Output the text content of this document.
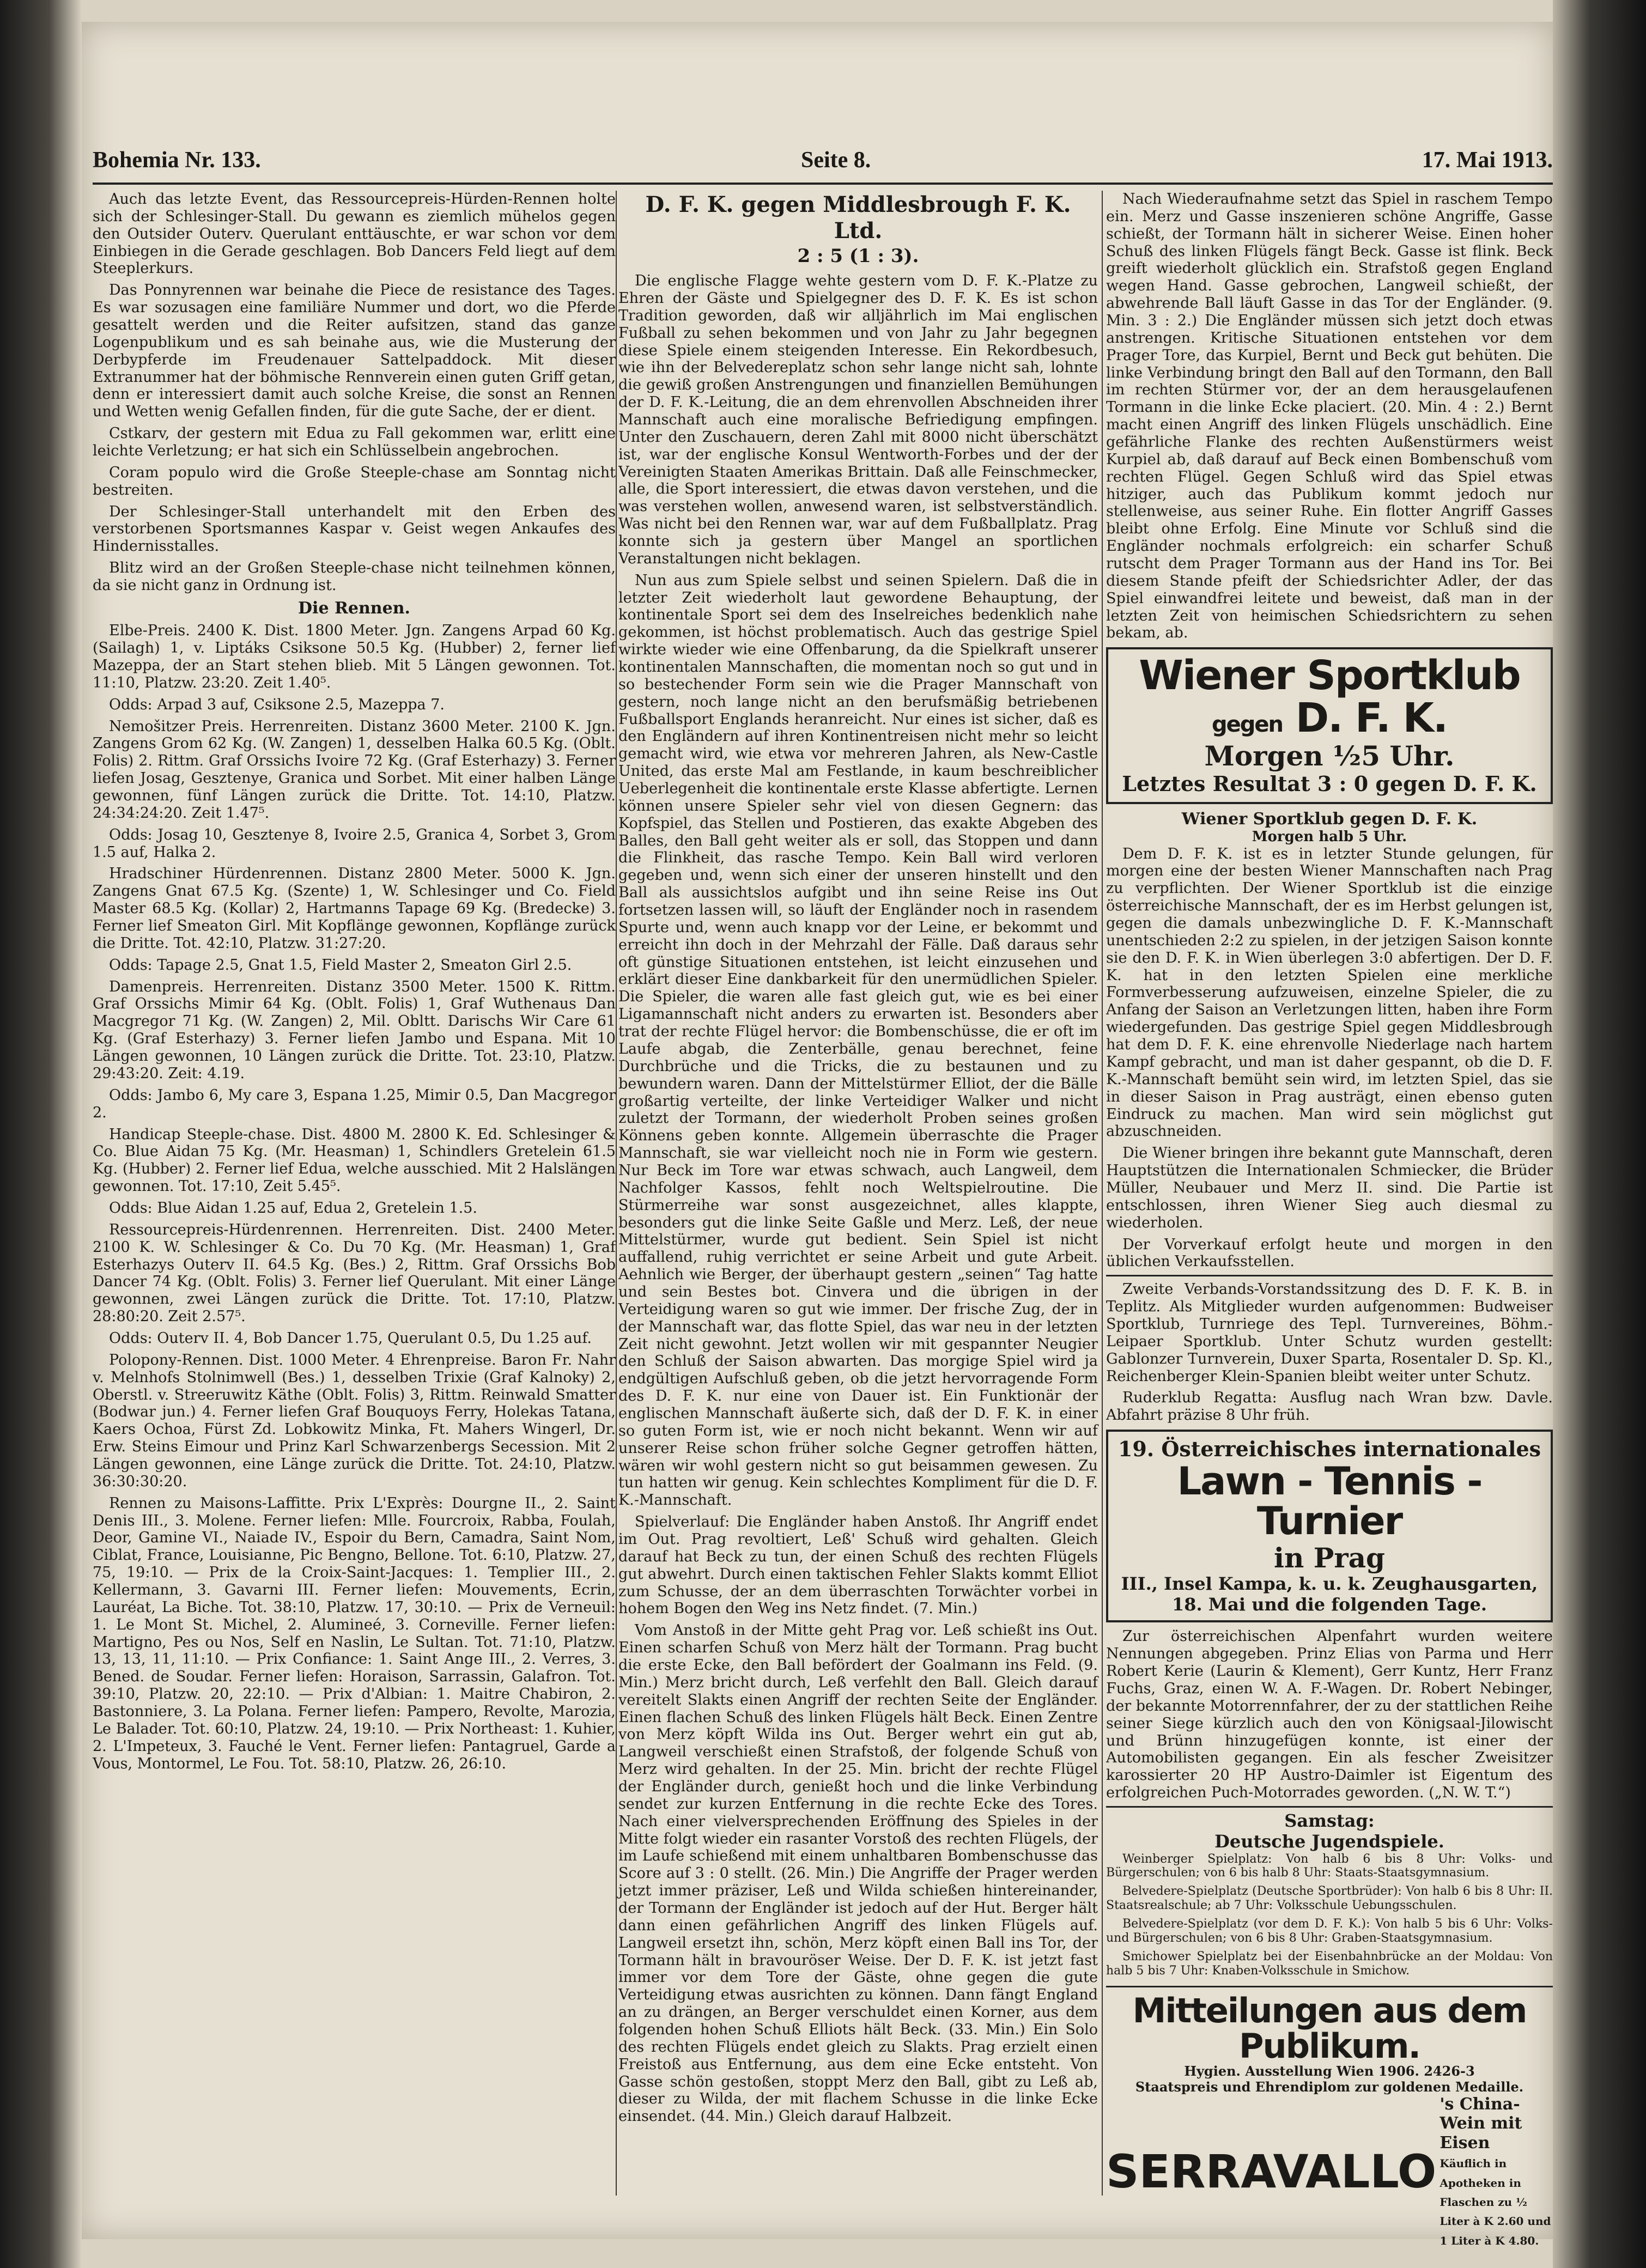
Bohemia Nr. 133.	Seite 8.	17. Mai 1913.

Auch das letzte Event, das Ressourcepreis-Hürden-Rennen holte sich der Schlesinger-Stall. Du gewann es ziemlich mühelos gegen den Outsider Outerv. Querulant enttäuschte, er war schon vor dem Einbiegen in die Gerade geschlagen. Bob Dancers Feld liegt auf dem Steeplerkurs.

Das Ponnyrennen war beinahe die Piece de resistance des Tages. Es war sozusagen eine familiäre Nummer und dort, wo die Pferde gesattelt werden und die Reiter aufsitzen, stand das ganze Logenpublikum und es sah beinahe aus, wie die Musterung der Derbypferde im Freudenauer Sattelpaddock. Mit dieser Extranummer hat der böhmische Rennverein einen guten Griff getan, denn er interessiert damit auch solche Kreise, die sonst an Rennen und Wetten wenig Gefallen finden, für die gute Sache, der er dient.

Cstkarv, der gestern mit Edua zu Fall gekommen war, erlitt eine leichte Verletzung; er hat sich ein Schlüsselbein angebrochen.

Coram populo wird die Große Steeple-chase am Sonntag nicht bestreiten.

Der Schlesinger-Stall unterhandelt mit den Erben des verstorbenen Sportsmannes Kaspar v. Geist wegen Ankaufes des Hindernisstalles.

Blitz wird an der Großen Steeple-chase nicht teilnehmen können, da sie nicht ganz in Ordnung ist.

Die Rennen.

Elbe-Preis. 2400 K. Dist. 1800 Meter. Jgn. Zangens Arpad 60 Kg. (Sailagh) 1, v. Liptáks Csiksone 50.5 Kg. (Hubber) 2, ferner lief Mazeppa, der an Start stehen blieb. Mit 5 Längen gewonnen. Tot. 11:10, Platzw. 23:20. Zeit 1.40⁵.

Odds: Arpad 3 auf, Csiksone 2.5, Mazeppa 7.

Nemošitzer Preis. Herrenreiten. Distanz 3600 Meter. 2100 K. Jgn. Zangens Grom 62 Kg. (W. Zangen) 1, desselben Halka 60.5 Kg. (Oblt. Folis) 2. Rittm. Graf Orssichs Ivoire 72 Kg. (Graf Esterhazy) 3. Ferner liefen Josag, Gesztenye, Granica und Sorbet. Mit einer halben Länge gewonnen, fünf Längen zurück die Dritte. Tot. 14:10, Platzw. 24:34:24:20. Zeit 1.47⁵.

Odds: Josag 10, Gesztenye 8, Ivoire 2.5, Granica 4, Sorbet 3, Grom 1.5 auf, Halka 2.

Hradschiner Hürdenrennen. Distanz 2800 Meter. 5000 K. Jgn. Zangens Gnat 67.5 Kg. (Szente) 1, W. Schlesinger und Co. Field Master 68.5 Kg. (Kollar) 2, Hartmanns Tapage 69 Kg. (Bredecke) 3. Ferner lief Smeaton Girl. Mit Kopflänge gewonnen, Kopflänge zurück die Dritte. Tot. 42:10, Platzw. 31:27:20.

Odds: Tapage 2.5, Gnat 1.5, Field Master 2, Smeaton Girl 2.5.

Damenpreis. Herrenreiten. Distanz 3500 Meter. 1500 K. Rittm. Graf Orssichs Mimir 64 Kg. (Oblt. Folis) 1, Graf Wuthenaus Dan Macgregor 71 Kg. (W. Zangen) 2, Mil. Obltt. Darischs Wir Care 61 Kg. (Graf Esterhazy) 3. Ferner liefen Jambo und Espana. Mit 10 Längen gewonnen, 10 Längen zurück die Dritte. Tot. 23:10, Platzw. 29:43:20. Zeit: 4.19.

Odds: Jambo 6, My care 3, Espana 1.25, Mimir 0.5, Dan Macgregor 2.

Handicap Steeple-chase. Dist. 4800 M. 2800 K. Ed. Schlesinger & Co. Blue Aidan 75 Kg. (Mr. Heasman) 1, Schindlers Gretelein 61.5 Kg. (Hubber) 2. Ferner lief Edua, welche ausschied. Mit 2 Halslängen gewonnen. Tot. 17:10, Zeit 5.45⁵.

Odds: Blue Aidan 1.25 auf, Edua 2, Gretelein 1.5.

Ressourcepreis-Hürdenrennen. Herrenreiten. Dist. 2400 Meter. 2100 K. W. Schlesinger & Co. Du 70 Kg. (Mr. Heasman) 1, Graf Esterhazys Outerv II. 64.5 Kg. (Bes.) 2, Rittm. Graf Orssichs Bob Dancer 74 Kg. (Oblt. Folis) 3. Ferner lief Querulant. Mit einer Länge gewonnen, zwei Längen zurück die Dritte. Tot. 17:10, Platzw. 28:80:20. Zeit 2.57⁵.

Odds: Outerv II. 4, Bob Dancer 1.75, Querulant 0.5, Du 1.25 auf.

Polopony-Rennen. Dist. 1000 Meter. 4 Ehrenpreise. Baron Fr. Nahr v. Melnhofs Stolnimwell (Bes.) 1, desselben Trixie (Graf Kalnoky) 2, Oberstl. v. Streeruwitz Käthe (Oblt. Folis) 3, Rittm. Reinwald Smatter (Bodwar jun.) 4. Ferner liefen Graf Bouquoys Ferry, Holekas Tatana, Kaers Ochoa, Fürst Zd. Lobkowitz Minka, Ft. Mahers Wingerl, Dr. Erw. Steins Eimour und Prinz Karl Schwarzenbergs Secession. Mit 2 Längen gewonnen, eine Länge zurück die Dritte. Tot. 24:10, Platzw. 36:30:30:20.

Rennen zu Maisons-Laffitte. Prix L'Exprès: Dourgne II., 2. Saint Denis III., 3. Molene. Ferner liefen: Mlle. Fourcroix, Rabba, Foulah, Deor, Gamine VI., Naiade IV., Espoir du Bern, Camadra, Saint Nom, Ciblat, France, Louisianne, Pic Bengno, Bellone. Tot. 6:10, Platzw. 27, 75, 19:10. — Prix de la Croix-Saint-Jacques: 1. Templier III., 2. Kellermann, 3. Gavarni III. Ferner liefen: Mouvements, Ecrin, Lauréat, La Biche. Tot. 38:10, Platzw. 17, 30:10. — Prix de Verneuil: 1. Le Mont St. Michel, 2. Alumineé, 3. Corneville. Ferner liefen: Martigno, Pes ou Nos, Self en Naslin, Le Sultan. Tot. 71:10, Platzw. 13, 13, 11, 11:10. — Prix Confiance: 1. Saint Ange III., 2. Verres, 3. Bened. de Soudar. Ferner liefen: Horaison, Sarrassin, Galafron. Tot. 39:10, Platzw. 20, 22:10. — Prix d'Albian: 1. Maitre Chabiron, 2. Bastonniere, 3. La Polana. Ferner liefen: Pampero, Revolte, Marozia, Le Balader. Tot. 60:10, Platzw. 24, 19:10. — Prix Northeast: 1. Kuhier, 2. L'Impeteux, 3. Fauché le Vent. Ferner liefen: Pantagruel, Garde a Vous, Montormel, Le Fou. Tot. 58:10, Platzw. 26, 26:10.

D. F. K. gegen Middlesbrough F. K. Ltd.
2 : 5 (1 : 3).

Die englische Flagge wehte gestern vom D. F. K.-Platze zu Ehren der Gäste und Spielgegner des D. F. K. Es ist schon Tradition geworden, daß wir alljährlich im Mai englischen Fußball zu sehen bekommen und von Jahr zu Jahr begegnen diese Spiele einem steigenden Interesse. Ein Rekordbesuch, wie ihn der Belvedereplatz schon sehr lange nicht sah, lohnte die gewiß großen Anstrengungen und finanziellen Bemühungen der D. F. K.-Leitung, die an dem ehrenvollen Abschneiden ihrer Mannschaft auch eine moralische Befriedigung empfingen. Unter den Zuschauern, deren Zahl mit 8000 nicht überschätzt ist, war der englische Konsul Wentworth-Forbes und der der Vereinigten Staaten Amerikas Brittain. Daß alle Feinschmecker, alle, die Sport interessiert, die etwas davon verstehen, und die was verstehen wollen, anwesend waren, ist selbstverständlich. Was nicht bei den Rennen war, war auf dem Fußballplatz. Prag konnte sich ja gestern über Mangel an sportlichen Veranstaltungen nicht beklagen.

Nun aus zum Spiele selbst und seinen Spielern. Daß die in letzter Zeit wiederholt laut gewordene Behauptung, der kontinentale Sport sei dem des Inselreiches bedenklich nahe gekommen, ist höchst problematisch. Auch das gestrige Spiel wirkte wieder wie eine Offenbarung, da die Spielkraft unserer kontinentalen Mannschaften, die momentan noch so gut und in so bestechender Form sein wie die Prager Mannschaft von gestern, noch lange nicht an den berufsmäßig betriebenen Fußballsport Englands heranreicht. Nur eines ist sicher, daß es den Engländern auf ihren Kontinentreisen nicht mehr so leicht gemacht wird, wie etwa vor mehreren Jahren, als New-Castle United, das erste Mal am Festlande, in kaum beschreiblicher Ueberlegenheit die kontinentale erste Klasse abfertigte. Lernen können unsere Spieler sehr viel von diesen Gegnern: das Kopfspiel, das Stellen und Postieren, das exakte Abgeben des Balles, den Ball geht weiter als er soll, das Stoppen und dann die Flinkheit, das rasche Tempo. Kein Ball wird verloren gegeben und, wenn sich einer der unseren hinstellt und den Ball als aussichtslos aufgibt und ihn seine Reise ins Out fortsetzen lassen will, so läuft der Engländer noch in rasendem Spurte und, wenn auch knapp vor der Leine, er bekommt und erreicht ihn doch in der Mehrzahl der Fälle. Daß daraus sehr oft günstige Situationen entstehen, ist leicht einzusehen und erklärt dieser Eine dankbarkeit für den unermüdlichen Spieler. Die Spieler, die waren alle fast gleich gut, wie es bei einer Ligamannschaft nicht anders zu erwarten ist. Besonders aber trat der rechte Flügel hervor: die Bombenschüsse, die er oft im Laufe abgab, die Zenterbälle, genau berechnet, feine Durchbrüche und die Tricks, die zu bestaunen und zu bewundern waren. Dann der Mittelstürmer Elliot, der die Bälle großartig verteilte, der linke Verteidiger Walker und nicht zuletzt der Tormann, der wiederholt Proben seines großen Könnens geben konnte. Allgemein überraschte die Prager Mannschaft, sie war vielleicht noch nie in Form wie gestern. Nur Beck im Tore war etwas schwach, auch Langweil, dem Nachfolger Kassos, fehlt noch Weltspielroutine. Die Stürmerreihe war sonst ausgezeichnet, alles klappte, besonders gut die linke Seite Gaßle und Merz. Leß, der neue Mittelstürmer, wurde gut bedient. Sein Spiel ist nicht auffallend, ruhig verrichtet er seine Arbeit und gute Arbeit. Aehnlich wie Berger, der überhaupt gestern „seinen“ Tag hatte und sein Bestes bot. Cinvera und die übrigen in der Verteidigung waren so gut wie immer. Der frische Zug, der in der Mannschaft war, das flotte Spiel, das war neu in der letzten Zeit nicht gewohnt. Jetzt wollen wir mit gespannter Neugier den Schluß der Saison abwarten. Das morgige Spiel wird ja endgültigen Aufschluß geben, ob die jetzt hervorragende Form des D. F. K. nur eine von Dauer ist. Ein Funktionär der englischen Mannschaft äußerte sich, daß der D. F. K. in einer so guten Form ist, wie er noch nicht bekannt. Wenn wir auf unserer Reise schon früher solche Gegner getroffen hätten, wären wir wohl gestern nicht so gut beisammen gewesen. Zu tun hatten wir genug. Kein schlechtes Kompliment für die D. F. K.-Mannschaft.

Spielverlauf: Die Engländer haben Anstoß. Ihr Angriff endet im Out. Prag revoltiert, Leß' Schuß wird gehalten. Gleich darauf hat Beck zu tun, der einen Schuß des rechten Flügels gut abwehrt. Durch einen taktischen Fehler Slakts kommt Elliot zum Schusse, der an dem überraschten Torwächter vorbei in hohem Bogen den Weg ins Netz findet. (7. Min.)

Vom Anstoß in der Mitte geht Prag vor. Leß schießt ins Out. Einen scharfen Schuß von Merz hält der Tormann. Prag bucht die erste Ecke, den Ball befördert der Goalmann ins Feld. (9. Min.) Merz bricht durch, Leß verfehlt den Ball. Gleich darauf vereitelt Slakts einen Angriff der rechten Seite der Engländer. Einen flachen Schuß des linken Flügels hält Beck. Einen Zentre von Merz köpft Wilda ins Out. Berger wehrt ein gut ab, Langweil verschießt einen Strafstoß, der folgende Schuß von Merz wird gehalten. In der 25. Min. bricht der rechte Flügel der Engländer durch, genießt hoch und die linke Verbindung sendet zur kurzen Entfernung in die rechte Ecke des Tores. Nach einer vielversprechenden Eröffnung des Spieles in der Mitte folgt wieder ein rasanter Vorstoß des rechten Flügels, der im Laufe schießend mit einem unhaltbaren Bombenschusse das Score auf 3 : 0 stellt. (26. Min.) Die Angriffe der Prager werden jetzt immer präziser, Leß und Wilda schießen hintereinander, der Tormann der Engländer ist jedoch auf der Hut. Berger hält dann einen gefährlichen Angriff des linken Flügels auf. Langweil ersetzt ihn, schön, Merz köpft einen Ball ins Tor, der Tormann hält in bravouröser Weise. Der D. F. K. ist jetzt fast immer vor dem Tore der Gäste, ohne gegen die gute Verteidigung etwas ausrichten zu können. Dann fängt England an zu drängen, an Berger verschuldet einen Korner, aus dem folgenden hohen Schuß Elliots hält Beck. (33. Min.) Ein Solo des rechten Flügels endet gleich zu Slakts. Prag erzielt einen Freistoß aus Entfernung, aus dem eine Ecke entsteht. Von Gasse schön gestoßen, stoppt Merz den Ball, gibt zu Leß ab, dieser zu Wilda, der mit flachem Schusse in die linke Ecke einsendet. (44. Min.) Gleich darauf Halbzeit.

Nach Wiederaufnahme setzt das Spiel in raschem Tempo ein. Merz und Gasse inszenieren schöne Angriffe, Gasse schießt, der Tormann hält in sicherer Weise. Einen hoher Schuß des linken Flügels fängt Beck. Gasse ist flink. Beck greift wiederholt glücklich ein. Strafstoß gegen England wegen Hand. Gasse gebrochen, Langweil schießt, der abwehrende Ball läuft Gasse in das Tor der Engländer. (9. Min. 3 : 2.) Die Engländer müssen sich jetzt doch etwas anstrengen. Kritische Situationen entstehen vor dem Prager Tore, das Kurpiel, Bernt und Beck gut behüten. Die linke Verbindung bringt den Ball auf den Tormann, den Ball im rechten Stürmer vor, der an dem herausgelaufenen Tormann in die linke Ecke placiert. (20. Min. 4 : 2.) Bernt macht einen Angriff des linken Flügels unschädlich. Eine gefährliche Flanke des rechten Außenstürmers weist Kurpiel ab, daß darauf auf Beck einen Bombenschuß vom rechten Flügel. Gegen Schluß wird das Spiel etwas hitziger, auch das Publikum kommt jedoch nur stellenweise, aus seiner Ruhe. Ein flotter Angriff Gasses bleibt ohne Erfolg. Eine Minute vor Schluß sind die Engländer nochmals erfolgreich: ein scharfer Schuß rutscht dem Prager Tormann aus der Hand ins Tor. Bei diesem Stande pfeift der Schiedsrichter Adler, der das Spiel einwandfrei leitete und beweist, daß man in der letzten Zeit von heimischen Schiedsrichtern zu sehen bekam, ab.

Wiener Sportklub gegen D. F. K.
Morgen ½5 Uhr.
Letztes Resultat 3 : 0 gegen D. F. K.
Wiener Sportklub gegen D. F. K.
Morgen halb 5 Uhr.

Dem D. F. K. ist es in letzter Stunde gelungen, für morgen eine der besten Wiener Mannschaften nach Prag zu verpflichten. Der Wiener Sportklub ist die einzige österreichische Mannschaft, der es im Herbst gelungen ist, gegen die damals unbezwingliche D. F. K.-Mannschaft unentschieden 2:2 zu spielen, in der jetzigen Saison konnte sie den D. F. K. in Wien überlegen 3:0 abfertigen. Der D. F. K. hat in den letzten Spielen eine merkliche Formverbesserung aufzuweisen, einzelne Spieler, die zu Anfang der Saison an Verletzungen litten, haben ihre Form wiedergefunden. Das gestrige Spiel gegen Middlesbrough hat dem D. F. K. eine ehrenvolle Niederlage nach hartem Kampf gebracht, und man ist daher gespannt, ob die D. F. K.-Mannschaft bemüht sein wird, im letzten Spiel, das sie in dieser Saison in Prag austrägt, einen ebenso guten Eindruck zu machen. Man wird sein möglichst gut abzuschneiden.

Die Wiener bringen ihre bekannt gute Mannschaft, deren Hauptstützen die Internationalen Schmiecker, die Brüder Müller, Neubauer und Merz II. sind. Die Partie ist entschlossen, ihren Wiener Sieg auch diesmal zu wiederholen.

Der Vorverkauf erfolgt heute und morgen in den üblichen Verkaufsstellen.

Zweite Verbands-Vorstandssitzung des D. F. K. B. in Teplitz. Als Mitglieder wurden aufgenommen: Budweiser Sportklub, Turnriege des Tepl. Turnvereines, Böhm.-Leipaer Sportklub. Unter Schutz wurden gestellt: Gablonzer Turnverein, Duxer Sparta, Rosentaler D. Sp. Kl., Reichenberger Klein-Spanien bleibt weiter unter Schutz.

Ruderklub Regatta: Ausflug nach Wran bzw. Davle. Abfahrt präzise 8 Uhr früh.

19. Österreichisches internationales
Lawn - Tennis - Turnier
in Prag
III., Insel Kampa, k. u. k. Zeughausgarten,
18. Mai und die folgenden Tage.

Zur österreichischen Alpenfahrt wurden weitere Nennungen abgegeben. Prinz Elias von Parma und Herr Robert Kerie (Laurin & Klement), Gerr Kuntz, Herr Franz Fuchs, Graz, einen W. A. F.-Wagen. Dr. Robert Nebinger, der bekannte Motorrennfahrer, der zu der stattlichen Reihe seiner Siege kürzlich auch den von Königsaal-Jilowischt und Brünn hinzugefügen konnte, ist einer der Automobilisten gegangen. Ein als fescher Zweisitzer karossierter 20 HP Austro-Daimler ist Eigentum des erfolgreichen Puch-Motorrades geworden. („N. W. T.“)

Samstag:
Deutsche Jugendspiele.

Weinberger Spielplatz: Von halb 6 bis 8 Uhr: Volks- und Bürgerschulen; von 6 bis halb 8 Uhr: Staats-Staatsgymnasium.

Belvedere-Spielplatz (Deutsche Sportbrüder): Von halb 6 bis 8 Uhr: II. Staatsrealschule; ab 7 Uhr: Volksschule Uebungsschulen.

Belvedere-Spielplatz (vor dem D. F. K.): Von halb 5 bis 6 Uhr: Volks- und Bürgerschulen; von 6 bis 8 Uhr: Graben-Staatsgymnasium.

Smichower Spielplatz bei der Eisenbahnbrücke an der Moldau: Von halb 5 bis 7 Uhr: Knaben-Volksschule in Smichow.

Mitteilungen aus dem Publikum.
Hygien. Ausstellung Wien 1906. 2426-3
Staatspreis und Ehrendiplom zur goldenen Medaille.
SERRAVALLO
's China-Wein mit Eisen
Käuflich in Apotheken in Flaschen zu ½ Liter à K 2.60 und 1 Liter à K 4.80.
